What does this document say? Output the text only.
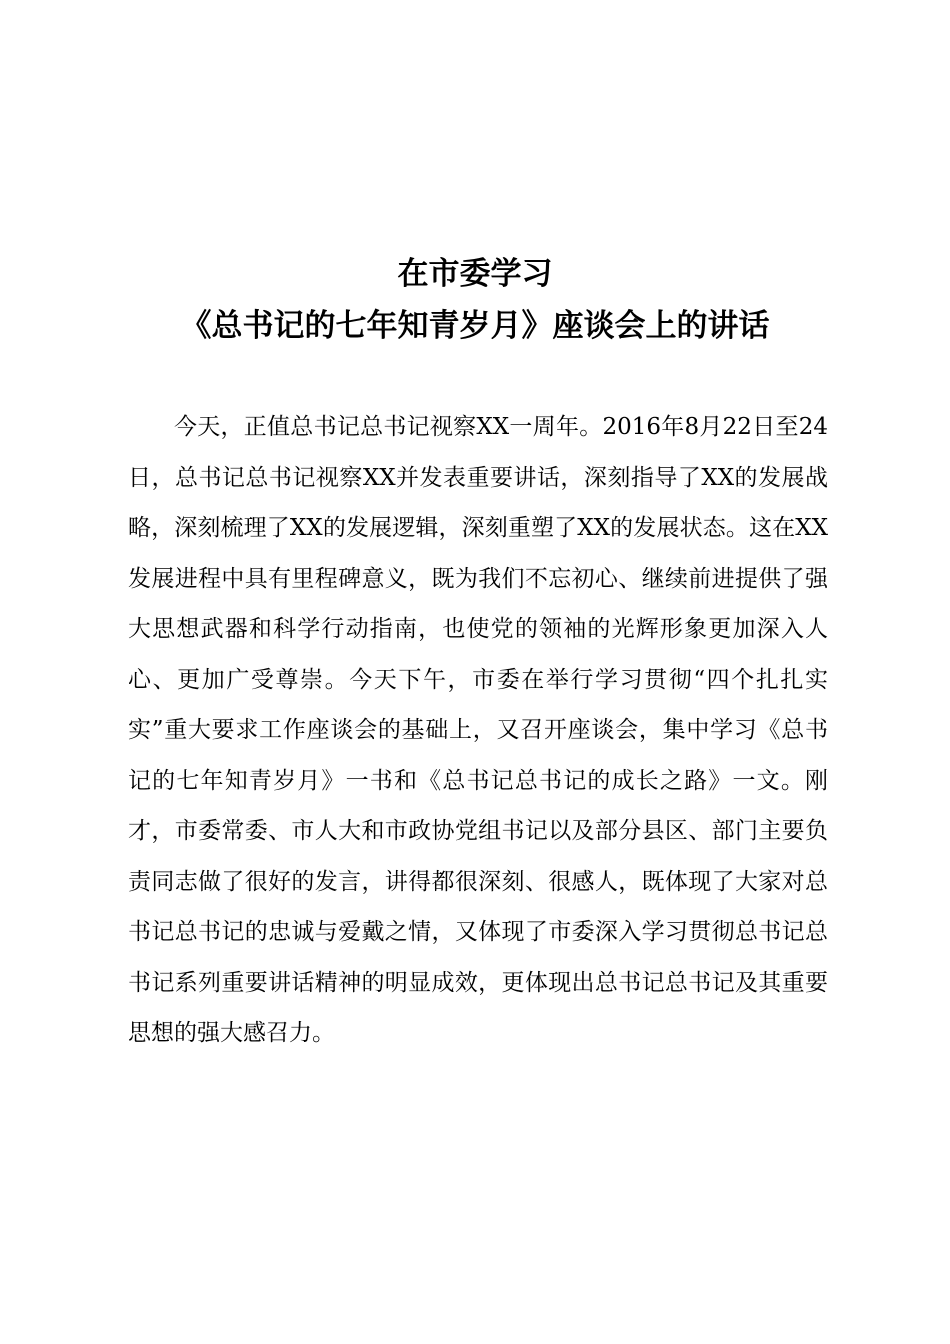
在市委学习
《总书记的七年知青岁月》座谈会上的讲话

今天，正值总书记总书记视察XX一周年。2016年8月22日至24日，总书记总书记视察XX并发表重要讲话，深刻指导了XX的发展战略，深刻梳理了XX的发展逻辑，深刻重塑了XX的发展状态。这在XX发展进程中具有里程碑意义，既为我们不忘初心、继续前进提供了强大思想武器和科学行动指南，也使党的领袖的光辉形象更加深入人心、更加广受尊崇。今天下午，市委在举行学习贯彻“四个扎扎实实”重大要求工作座谈会的基础上，又召开座谈会，集中学习《总书记的七年知青岁月》一书和《总书记总书记的成长之路》一文。刚才，市委常委、市人大和市政协党组书记以及部分县区、部门主要负责同志做了很好的发言，讲得都很深刻、很感人，既体现了大家对总书记总书记的忠诚与爱戴之情，又体现了市委深入学习贯彻总书记总书记系列重要讲话精神的明显成效，更体现出总书记总书记及其重要思想的强大感召力。
